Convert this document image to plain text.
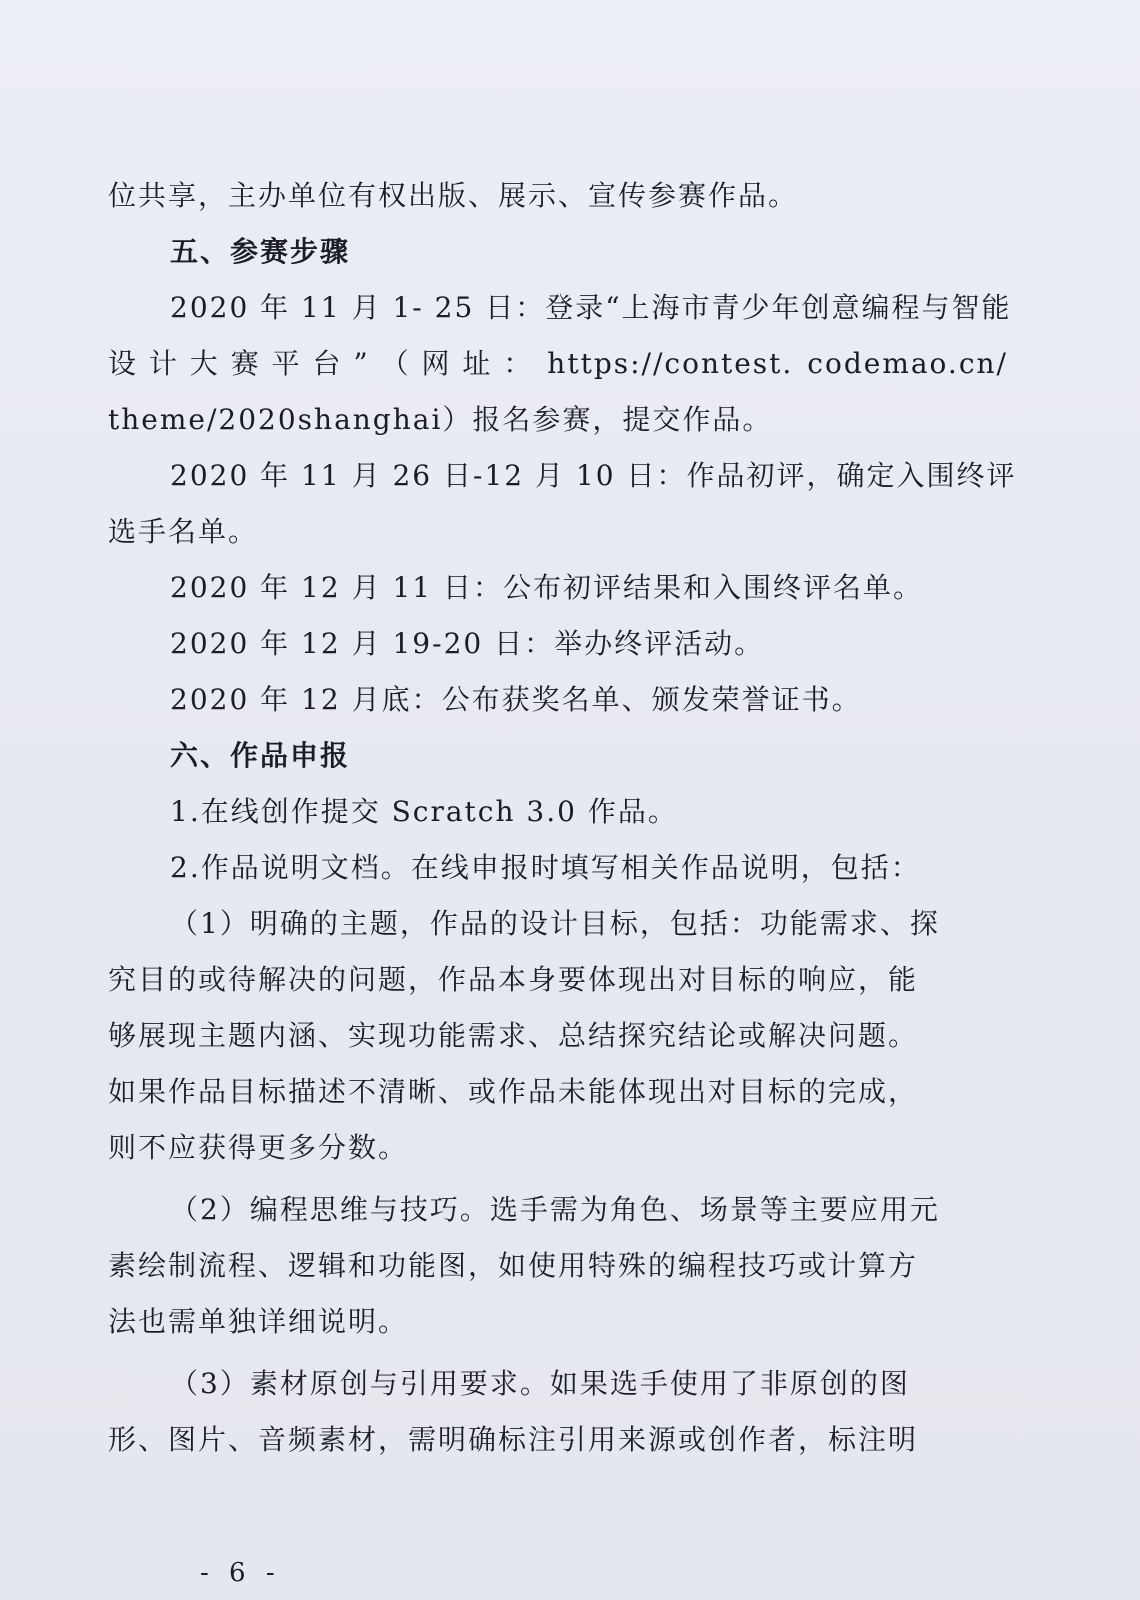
位共享，主办单位有权出版、展示、宣传参赛作品。
五、参赛步骤
2020 年 11 月 1- 25 日：登录“上海市青少年创意编程与智能
设 计 大 赛 平 台 ” （ 网 址 ： https://contest. codemao.cn/
theme/2020shanghai）报名参赛，提交作品。
2020 年 11 月 26 日-12 月 10 日：作品初评，确定入围终评
选手名单。
2020 年 12 月 11 日：公布初评结果和入围终评名单。
2020 年 12 月 19-20 日：举办终评活动。
2020 年 12 月底：公布获奖名单、颁发荣誉证书。
六、作品申报
1.在线创作提交 Scratch 3.0 作品。
2.作品说明文档。在线申报时填写相关作品说明，包括：
（1）明确的主题，作品的设计目标，包括：功能需求、探
究目的或待解决的问题，作品本身要体现出对目标的响应，能
够展现主题内涵、实现功能需求、总结探究结论或解决问题。
如果作品目标描述不清晰、或作品未能体现出对目标的完成，
则不应获得更多分数。
（2）编程思维与技巧。选手需为角色、场景等主要应用元
素绘制流程、逻辑和功能图，如使用特殊的编程技巧或计算方
法也需单独详细说明。
（3）素材原创与引用要求。如果选手使用了非原创的图
形、图片、音频素材，需明确标注引用来源或创作者，标注明
- 6 -
